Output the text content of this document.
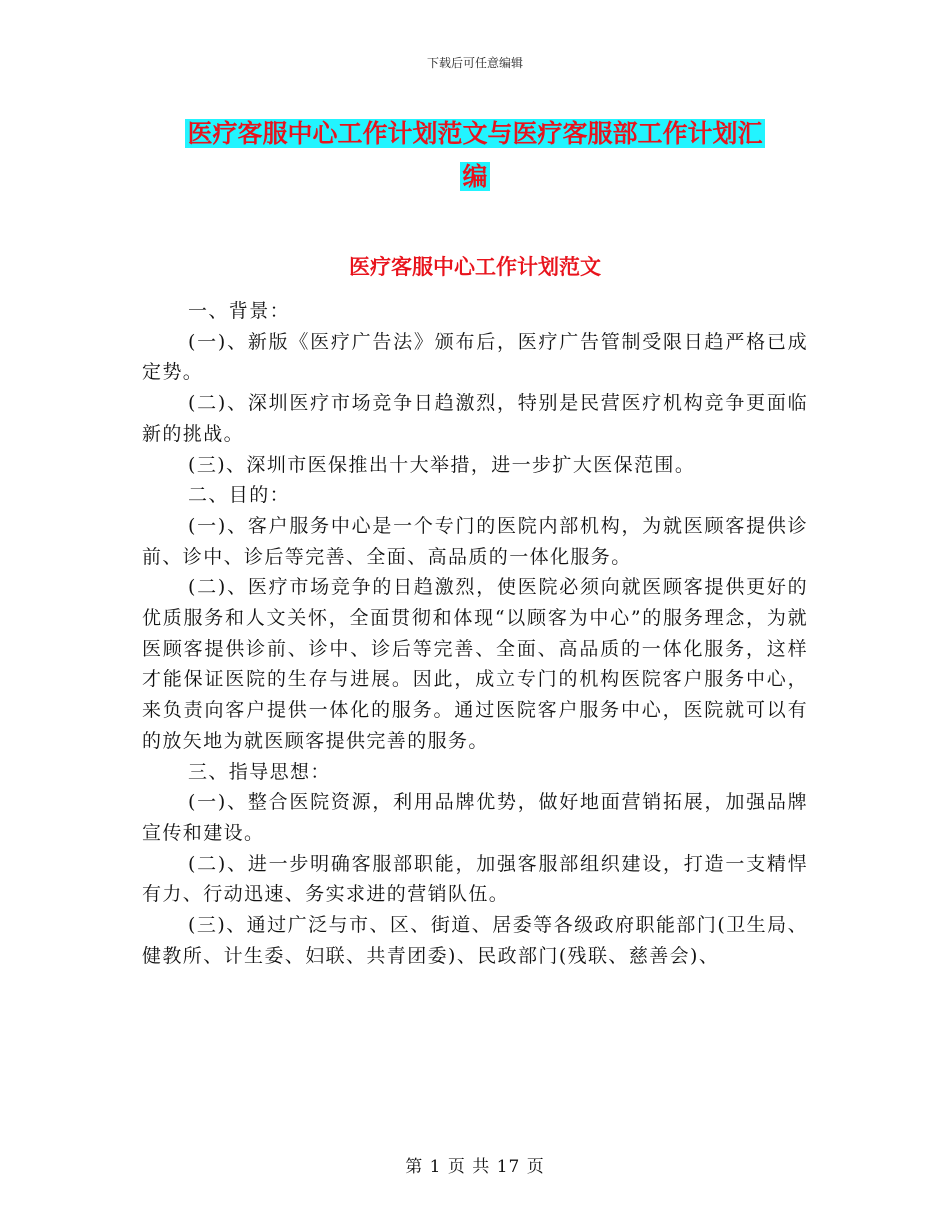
下载后可任意编辑
医疗客服中心工作计划范文与医疗客服部工作计划汇
编
医疗客服中心工作计划范文

一、背景：

(一)、新版《医疗广告法》颁布后，医疗广告管制受限日趋严格已成定势。

(二)、深圳医疗市场竞争日趋激烈，特别是民营医疗机构竞争更面临新的挑战。

(三)、深圳市医保推出十大举措，进一步扩大医保范围。

二、目的：

(一)、客户服务中心是一个专门的医院内部机构，为就医顾客提供诊前、诊中、诊后等完善、全面、高品质的一体化服务。

(二)、医疗市场竞争的日趋激烈，使医院必须向就医顾客提供更好的优质服务和人文关怀，全面贯彻和体现“以顾客为中心”的服务理念，为就医顾客提供诊前、诊中、诊后等完善、全面、高品质的一体化服务，这样才能保证医院的生存与进展。因此，成立专门的机构医院客户服务中心，来负责向客户提供一体化的服务。通过医院客户服务中心，医院就可以有的放矢地为就医顾客提供完善的服务。

三、指导思想：

(一)、整合医院资源，利用品牌优势，做好地面营销拓展，加强品牌宣传和建设。

(二)、进一步明确客服部职能，加强客服部组织建设，打造一支精悍有力、行动迅速、务实求进的营销队伍。

(三)、通过广泛与市、区、街道、居委等各级政府职能部门(卫生局、健教所、计生委、妇联、共青团委)、民政部门(残联、慈善会)、

第 1 页 共 17 页
